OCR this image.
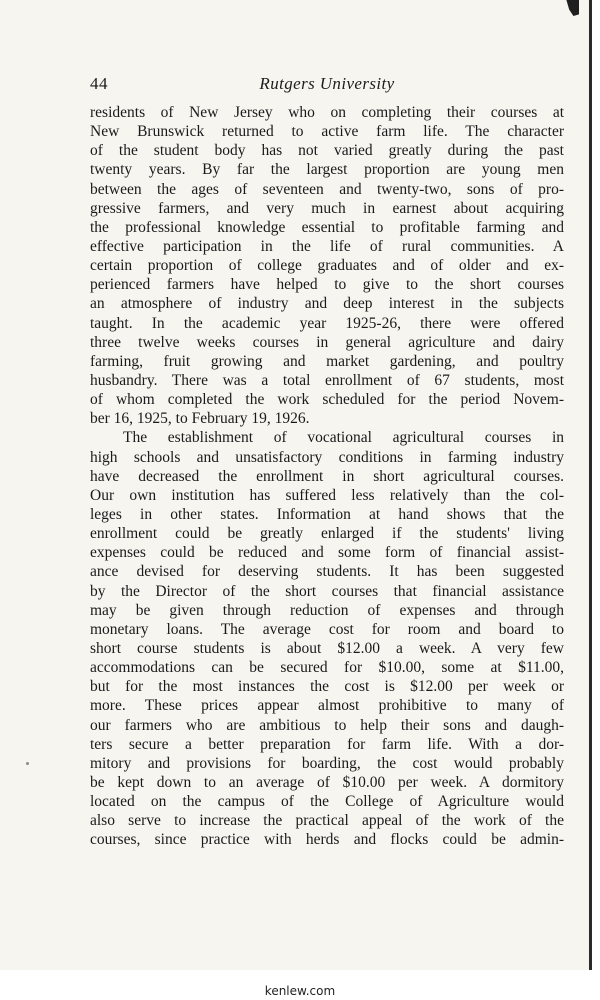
44	Rutgers University
residents of New Jersey who on completing their courses at
New Brunswick returned to active farm life. The character
of the student body has not varied greatly during the past
twenty years. By far the largest proportion are young men
between the ages of seventeen and twenty-two, sons of pro-
gressive farmers, and very much in earnest about acquiring
the professional knowledge essential to profitable farming and
effective participation in the life of rural communities. A
certain proportion of college graduates and of older and ex-
perienced farmers have helped to give to the short courses
an atmosphere of industry and deep interest in the subjects
taught. In the academic year 1925-26, there were offered
three twelve weeks courses in general agriculture and dairy
farming, fruit growing and market gardening, and poultry
husbandry. There was a total enrollment of 67 students, most
of whom completed the work scheduled for the period Novem-
ber 16, 1925, to February 19, 1926.
The establishment of vocational agricultural courses in
high schools and unsatisfactory conditions in farming industry
have decreased the enrollment in short agricultural courses.
Our own institution has suffered less relatively than the col-
leges in other states. Information at hand shows that the
enrollment could be greatly enlarged if the students' living
expenses could be reduced and some form of financial assist-
ance devised for deserving students. It has been suggested
by the Director of the short courses that financial assistance
may be given through reduction of expenses and through
monetary loans. The average cost for room and board to
short course students is about $12.00 a week. A very few
accommodations can be secured for $10.00, some at $11.00,
but for the most instances the cost is $12.00 per week or
more. These prices appear almost prohibitive to many of
our farmers who are ambitious to help their sons and daugh-
ters secure a better preparation for farm life. With a dor-
mitory and provisions for boarding, the cost would probably
be kept down to an average of $10.00 per week. A dormitory
located on the campus of the College of Agriculture would
also serve to increase the practical appeal of the work of the
courses, since practice with herds and flocks could be admin-
kenlew.com
